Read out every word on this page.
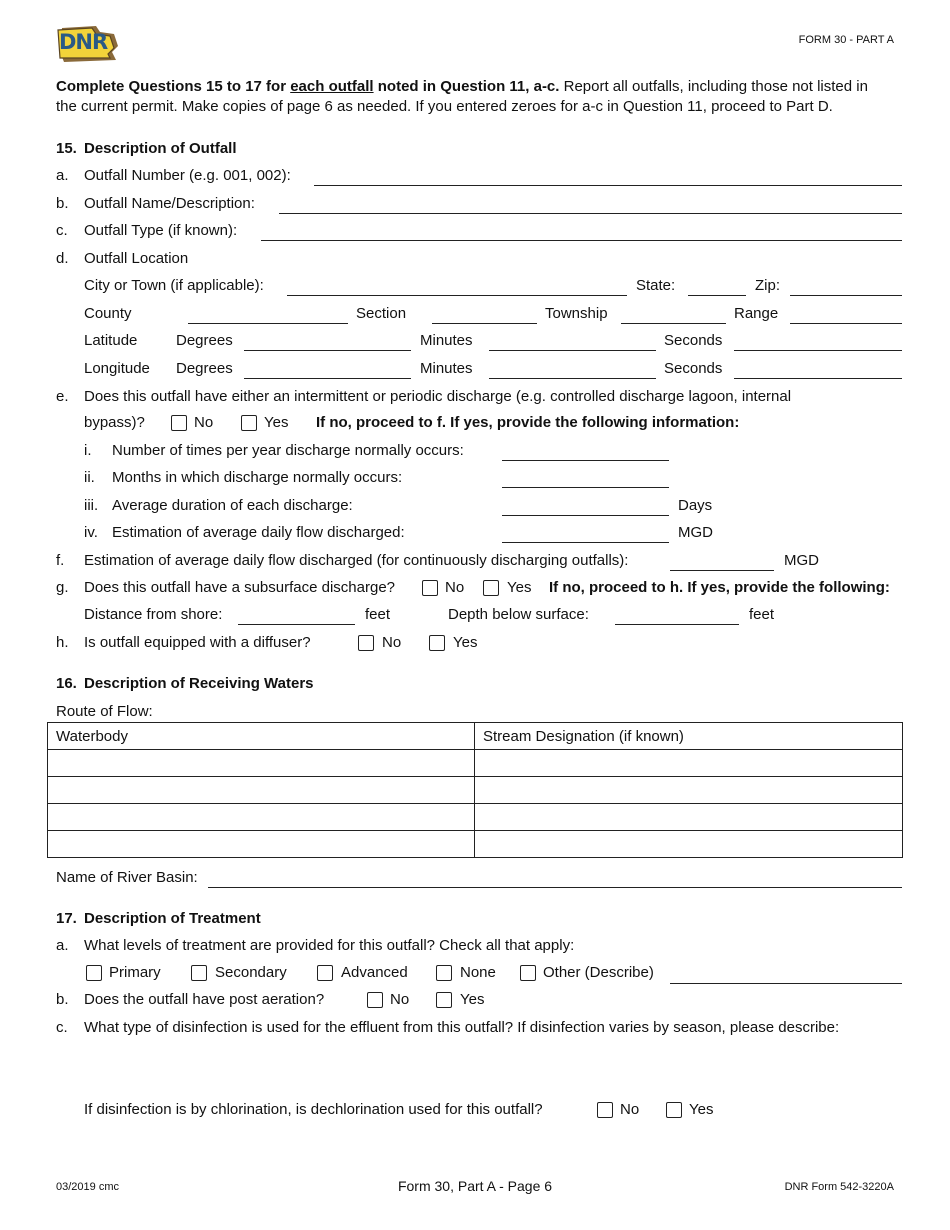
DNR	FORM 30 - PART A
Complete Questions 15 to 17 for each outfall noted in Question 11, a-c. Report all outfalls, including those not listed in
the current permit. Make copies of page 6 as needed. If you entered zeroes for a-c in Question 11, proceed to Part D.
15. Description of Outfall
a. Outfall Number (e.g. 001, 002):
b. Outfall Name/Description:
c. Outfall Type (if known):
d. Outfall Location
City or Town (if applicable):	State:	Zip:
County	Section	Township	Range
Latitude	Degrees	Minutes	Seconds
Longitude Degrees	Minutes	Seconds
e. Does this outfall have either an intermittent or periodic discharge (e.g. controlled discharge lagoon, internal
bypass)?	No	Yes If no, proceed to f. If yes, provide the following information:
i. Number of times per year discharge normally occurs:
ii. Months in which discharge normally occurs:
iii. Average duration of each discharge:	Days
iv. Estimation of average daily flow discharged:	MGD
f. Estimation of average daily flow discharged (for continuously discharging outfalls):	MGD
g. Does this outfall have a subsurface discharge?	No	Yes If no, proceed to h. If yes, provide the following:
Distance from shore:	feet	Depth below surface:	feet
h. Is outfall equipped with a diffuser?	No	Yes
16. Description of Receiving Waters
Route of Flow:
Waterbody	Stream Designation (if known)

Name of River Basin:
17. Description of Treatment
a. What levels of treatment are provided for this outfall? Check all that apply:
Primary	Secondary	Advanced	None	Other (Describe)
b. Does the outfall have post aeration?	No	Yes
c. What type of disinfection is used for the effluent from this outfall? If disinfection varies by season, please describe:
If disinfection is by chlorination, is dechlorination used for this outfall?	No	Yes
03/2019 cmc	Form 30, Part A - Page 6	DNR Form 542-3220A
